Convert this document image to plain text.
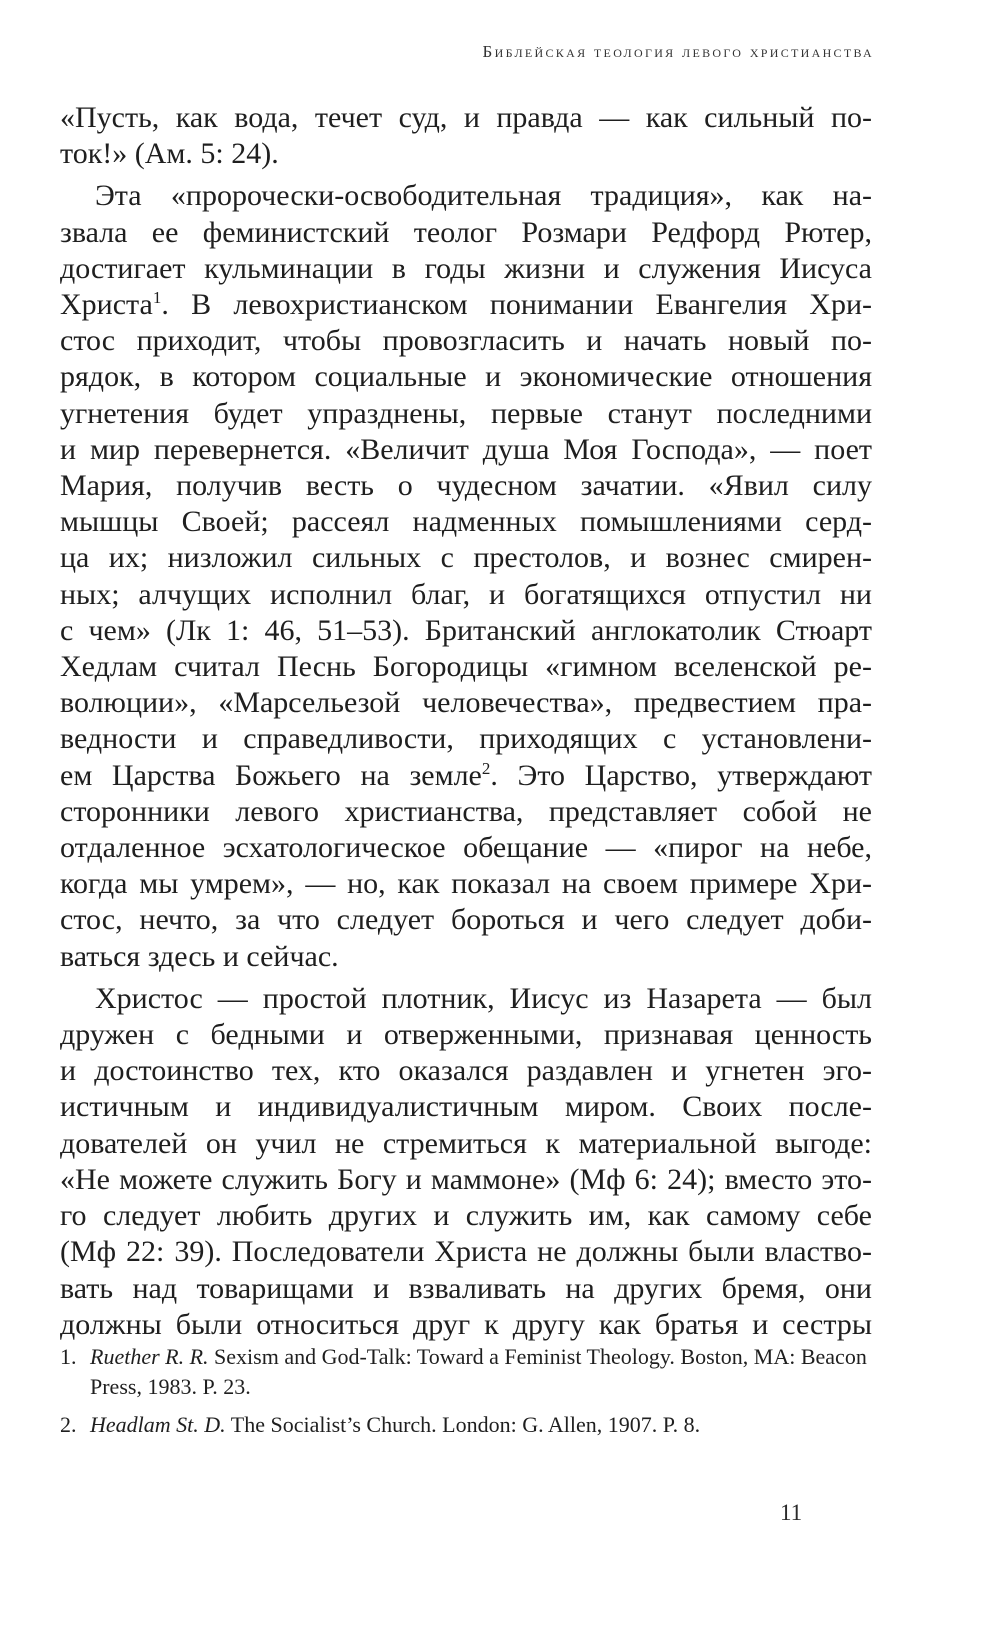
Библейская теология левого христианства
«Пусть, как вода, течет суд, и правда — как сильный по-
ток!» (Ам. 5: 24).
Эта «пророчески-освободительная традиция», как на-
звала ее феминистский теолог Розмари Редфорд Рютер,
достигает кульминации в годы жизни и служения Иисуса
Христа$^1$. В левохристианском понимании Евангелия Хри-
стос приходит, чтобы провозгласить и начать новый по-
рядок, в котором социальные и экономические отношения
угнетения будет упразднены, первые станут последними
и мир перевернется. «Величит душа Моя Господа», — поет
Мария, получив весть о чудесном зачатии. «Явил силу
мышцы Своей; рассеял надменных помышлениями серд-
ца их; низложил сильных с престолов, и вознес смирен-
ных; алчущих исполнил благ, и богатящихся отпустил ни
с чем» (Лк 1: 46, 51–53). Британский англокатолик Стюарт
Хедлам считал Песнь Богородицы «гимном вселенской ре-
волюции», «Марсельезой человечества», предвестием пра-
ведности и справедливости, приходящих с установлени-
ем Царства Божьего на земле$^2$. Это Царство, утверждают
сторонники левого христианства, представляет собой не
отдаленное эсхатологическое обещание — «пирог на небе,
когда мы умрем», — но, как показал на своем примере Хри-
стос, нечто, за что следует бороться и чего следует доби-
ваться здесь и сейчас.
Христос — простой плотник, Иисус из Назарета — был
дружен с бедными и отверженными, признавая ценность
и достоинство тех, кто оказался раздавлен и угнетен эго-
истичным и индивидуалистичным миром. Своих после-
дователей он учил не стремиться к материальной выгоде:
«Не можете служить Богу и маммоне» (Мф 6: 24); вместо это-
го следует любить других и служить им, как самому себе
(Мф 22: 39). Последователи Христа не должны были властво-
вать над товарищами и взваливать на других бремя, они
должны были относиться друг к другу как братья и сестры
1. Ruether R. R. Sexism and God-Talk: Toward a Feminist Theology. Boston, MA: Beacon Press, 1983. P. 23.
2. Headlam St. D. The Socialist’s Church. London: G. Allen, 1907. P. 8.
11
